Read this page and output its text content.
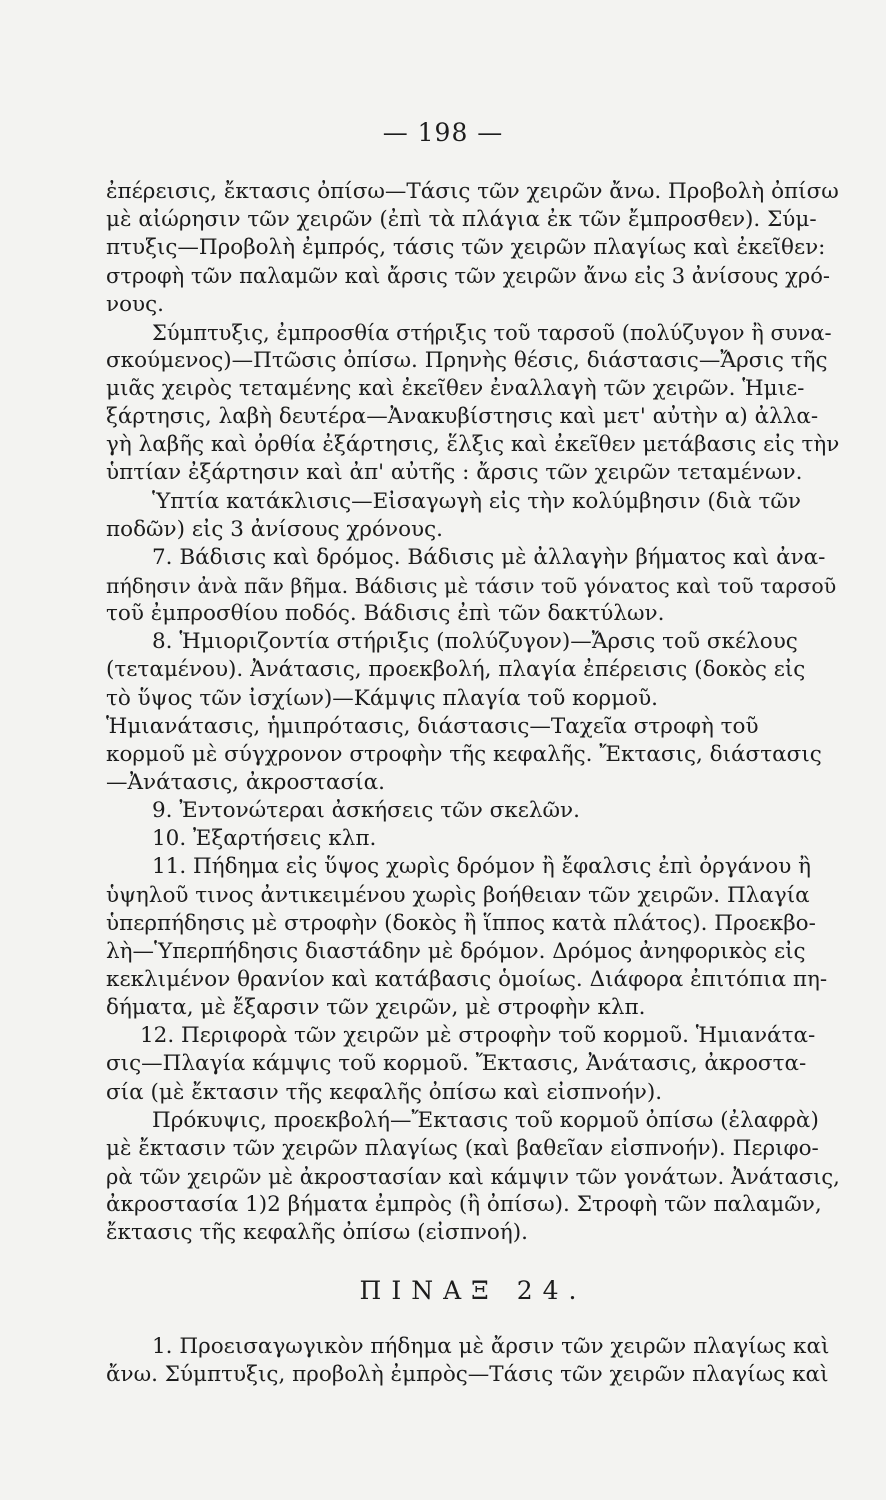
— 198 —
ἐπέρεισις, ἔκτασις ὀπίσω—Τάσις τῶν χειρῶν ἄνω. Προβολὴ ὀπίσω
μὲ αἰώρησιν τῶν χειρῶν (ἐπὶ τὰ πλάγια ἐκ τῶν ἔμπροσθεν). Σύμ-
πτυξις—Προβολὴ ἐμπρός, τάσις τῶν χειρῶν πλαγίως καὶ ἐκεῖθεν:
στροφὴ τῶν παλαμῶν καὶ ἄρσις τῶν χειρῶν ἄνω εἰς 3 ἀνίσους χρό-
νους.
Σύμπτυξις, ἐμπροσθία στήριξις τοῦ ταρσοῦ (πολύζυγον ἢ συνα-
σκούμενος)—Πτῶσις ὀπίσω. Πρηνὴς θέσις, διάστασις—Ἄρσις τῆς
μιᾶς χειρὸς τεταμένης καὶ ἐκεῖθεν ἐναλλαγὴ τῶν χειρῶν. Ἡμιε-
ξάρτησις, λαβὴ δευτέρα—Ἀνακυβίστησις καὶ μετ' αὐτὴν α) ἀλλα-
γὴ λαβῆς καὶ ὀρθία ἐξάρτησις, ἕλξις καὶ ἐκεῖθεν μετάβασις εἰς τὴν
ὑπτίαν ἐξάρτησιν καὶ ἀπ' αὐτῆς : ἄρσις τῶν χειρῶν τεταμένων.
Ὑπτία κατάκλισις—Εἰσαγωγὴ εἰς τὴν κολύμβησιν (διὰ τῶν
ποδῶν) εἰς 3 ἀνίσους χρόνους.
7. Βάδισις καὶ δρόμος. Βάδισις μὲ ἀλλαγὴν βήματος καὶ ἀνα-
πήδησιν ἀνὰ πᾶν βῆμα. Βάδισις μὲ τάσιν τοῦ γόνατος καὶ τοῦ ταρσοῦ
τοῦ ἐμπροσθίου ποδός. Βάδισις ἐπὶ τῶν δακτύλων.
8. Ἡμιοριζοντία στήριξις (πολύζυγον)—Ἄρσις τοῦ σκέλους
(τεταμένου). Ἀνάτασις, προεκβολή, πλαγία ἐπέρεισις (δοκὸς εἰς
τὸ ὕψος τῶν ἰσχίων)—Κάμψις πλαγία τοῦ κορμοῦ.
Ἡμιανάτασις, ἡμιπρότασις, διάστασις—Ταχεῖα στροφὴ τοῦ
κορμοῦ μὲ σύγχρονον στροφὴν τῆς κεφαλῆς. Ἔκτασις, διάστασις
—Ἀνάτασις, ἀκροστασία.
9. Ἐντονώτεραι ἀσκήσεις τῶν σκελῶν.
10. Ἐξαρτήσεις κλπ.
11. Πήδημα εἰς ὕψος χωρὶς δρόμον ἢ ἔφαλσις ἐπὶ ὀργάνου ἢ
ὑψηλοῦ τινος ἀντικειμένου χωρὶς βοήθειαν τῶν χειρῶν. Πλαγία
ὑπερπήδησις μὲ στροφὴν (δοκὸς ἢ ἵππος κατὰ πλάτος). Προεκβο-
λὴ—Ὑπερπήδησις διαστάδην μὲ δρόμον. Δρόμος ἀνηφορικὸς εἰς
κεκλιμένον θρανίον καὶ κατάβασις ὁμοίως. Διάφορα ἐπιτόπια πη-
δήματα, μὲ ἔξαρσιν τῶν χειρῶν, μὲ στροφὴν κλπ.
12. Περιφορὰ τῶν χειρῶν μὲ στροφὴν τοῦ κορμοῦ. Ἡμιανάτα-
σις—Πλαγία κάμψις τοῦ κορμοῦ. Ἔκτασις, Ἀνάτασις, ἀκροστα-
σία (μὲ ἔκτασιν τῆς κεφαλῆς ὀπίσω καὶ εἰσπνοήν).
Πρόκυψις, προεκβολή—Ἔκτασις τοῦ κορμοῦ ὀπίσω (ἐλαφρὰ)
μὲ ἔκτασιν τῶν χειρῶν πλαγίως (καὶ βαθεῖαν εἰσπνοήν). Περιφο-
ρὰ τῶν χειρῶν μὲ ἀκροστασίαν καὶ κάμψιν τῶν γονάτων. Ἀνάτασις,
ἀκροστασία 1)2 βήματα ἐμπρὸς (ἢ ὀπίσω). Στροφὴ τῶν παλαμῶν,
ἔκτασις τῆς κεφαλῆς ὀπίσω (εἰσπνοή).
ΠΙΝΑΞ 24.
1. Προεισαγωγικὸν πήδημα μὲ ἄρσιν τῶν χειρῶν πλαγίως καὶ
ἄνω. Σύμπτυξις, προβολὴ ἐμπρὸς—Τάσις τῶν χειρῶν πλαγίως καὶ
